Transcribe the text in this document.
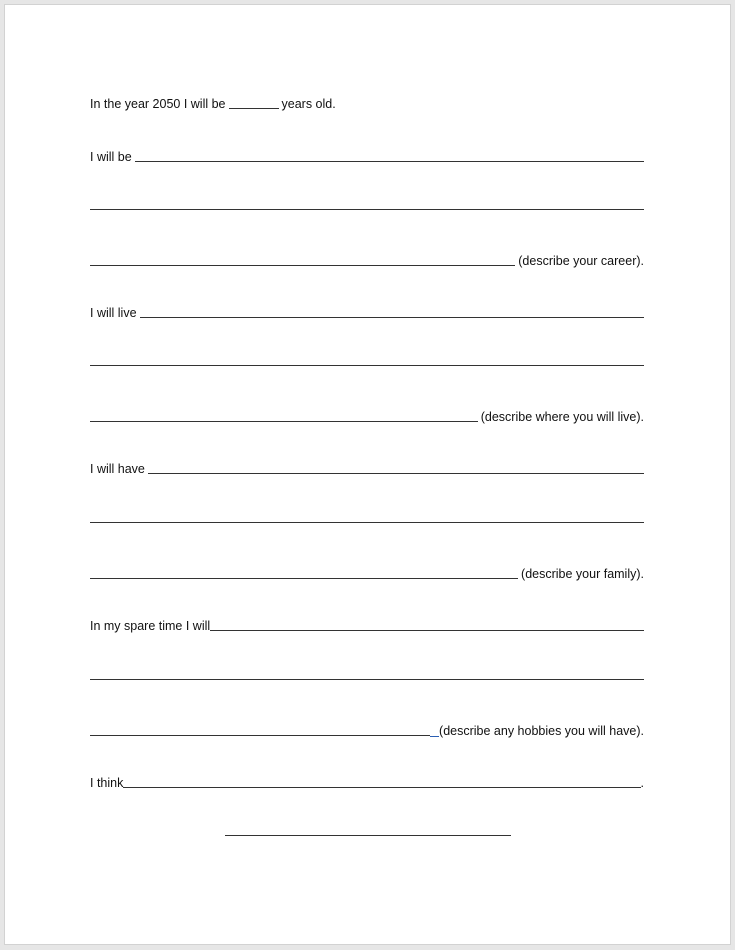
In the year 2050 I will be	years old.
I will be
(describe your career).
I will live
(describe where you will live).
I will have
(describe your family).
In my spare time I will
(describe any hobbies you will have).
I think	.
